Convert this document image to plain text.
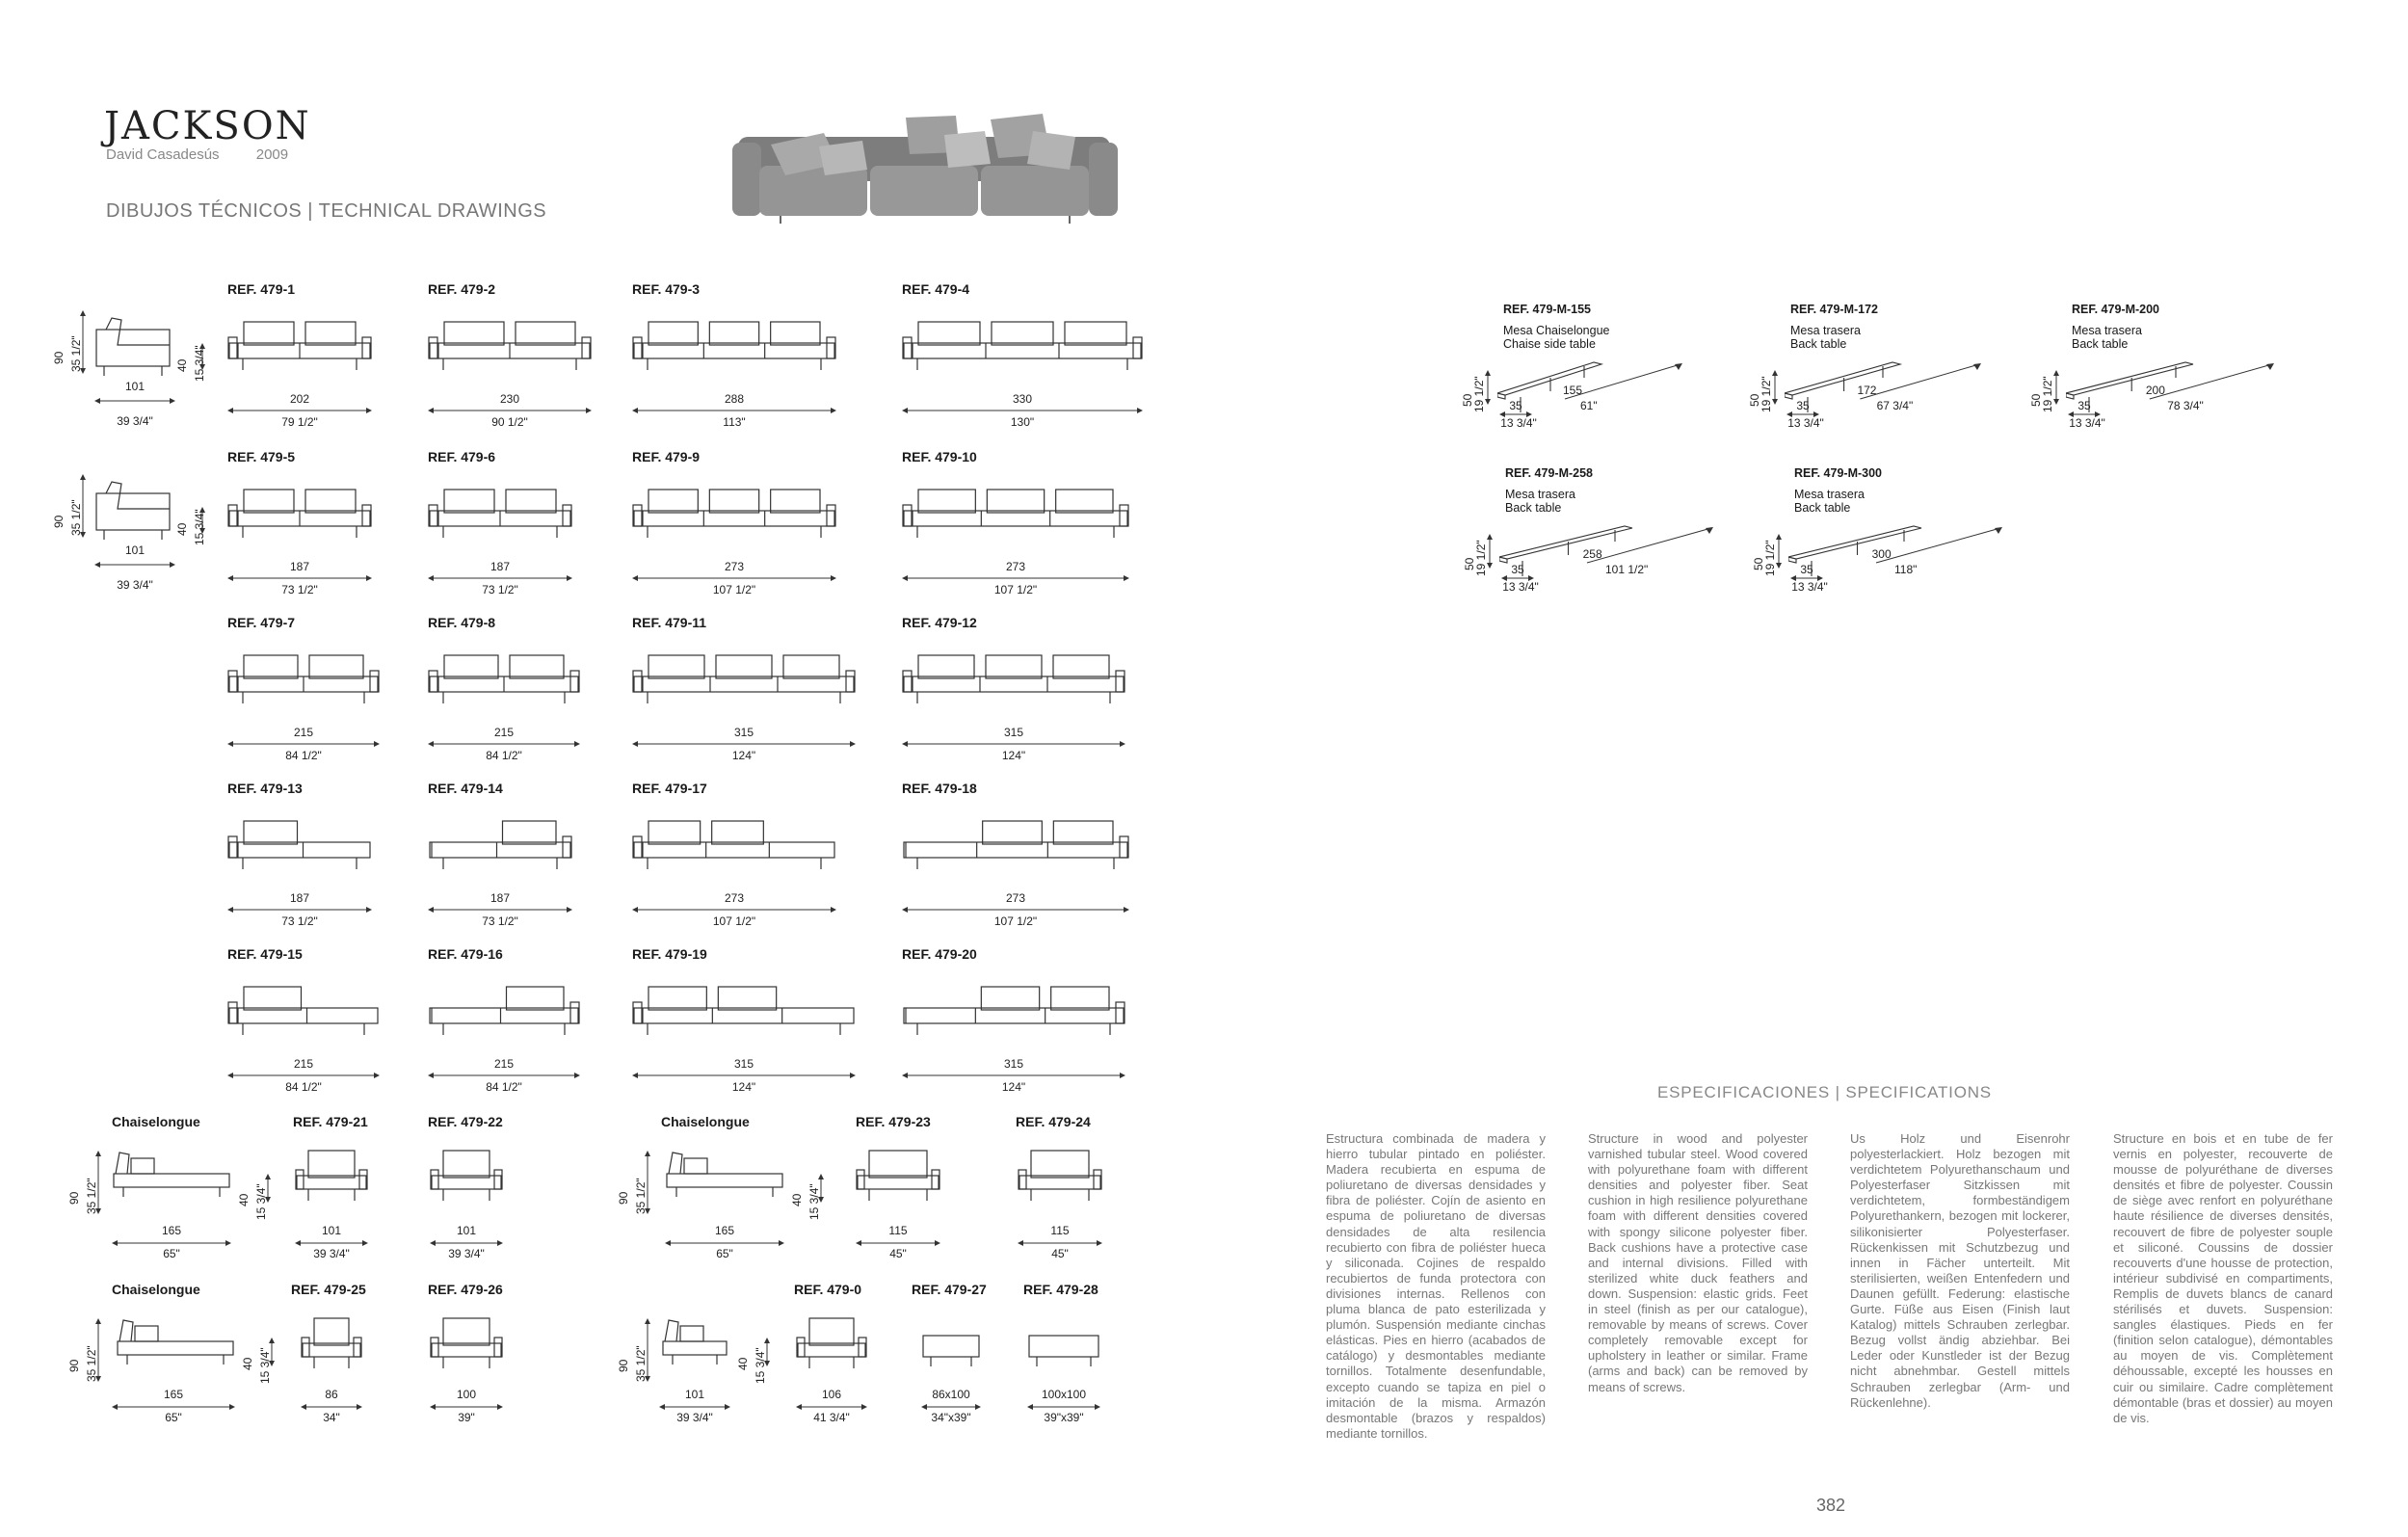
JACKSON
David Casadesús	2009
DIBUJOS TÉCNICOS | TECHNICAL DRAWINGS
90 35 1/2"	40 15 3/4"
101
39 3/4"
90 35 1/2"	40 15 3/4"
101
39 3/4"
REF. 479-1
202
79 1/2"
REF. 479-2
230
90 1/2"
REF. 479-3
288
113"
REF. 479-4
330
130"
REF. 479-5
187
73 1/2"
REF. 479-6
187
73 1/2"
REF. 479-9
273
107 1/2"
REF. 479-10
273
107 1/2"
REF. 479-7
215
84 1/2"
REF. 479-8
215
84 1/2"
REF. 479-11
315
124"
REF. 479-12
315
124"
REF. 479-13
187
73 1/2"
REF. 479-14
187
73 1/2"
REF. 479-17
273
107 1/2"
REF. 479-18
273
107 1/2"
REF. 479-15
215
84 1/2"
REF. 479-16
215
84 1/2"
REF. 479-19
315
124"
REF. 479-20
315
124"
Chaiselongue
90 35 1/2"	40 15 3/4"
165
65"
Chaiselongue
90 35 1/2"	40 15 3/4"
165
65"
REF. 479-21
101
39 3/4"
REF. 479-22
101
39 3/4"
REF. 479-23
115
45"
REF. 479-24
115
45"
Chaiselongue
90 35 1/2"	40 15 3/4"
165
65"
90 35 1/2"	40 15 3/4"
101
39 3/4"
REF. 479-25
86
34"
REF. 479-26
100
39"
REF. 479-0
106
41 3/4"
REF. 479-27
86x100
34"x39"
REF. 479-28
100x100
39"x39"
REF. 479-M-155
Mesa Chaiselongue
Chaise side table
50
19 1/2"	35
13 3/4"
155
61"
REF. 479-M-172
Mesa trasera
Back table
50
19 1/2"	35
13 3/4"
172
67 3/4"
REF. 479-M-200
Mesa trasera
Back table
50
19 1/2"	35
13 3/4"
200
78 3/4"
REF. 479-M-258
Mesa trasera
Back table
50
19 1/2"	35
13 3/4"
258
101 1/2"
REF. 479-M-300
Mesa trasera
Back table
50
19 1/2"	35
13 3/4"
300
118"
ESPECIFICACIONES | SPECIFICATIONS

Estructura combinada de madera y hierro tubular pintado en poliéster. Madera recubierta en espuma de poliuretano de diversas densidades y fibra de poliéster. Cojín de asiento en espuma de poliuretano de diversas densidades de alta resilencia recubierto con fibra de poliéster hueca y siliconada. Cojines de respaldo recubiertos de funda protectora con divisiones internas. Rellenos con pluma blanca de pato esterilizada y plumón. Suspensión mediante cinchas elásticas. Pies en hierro (acabados de catálogo) y desmontables mediante tornillos. Totalmente desenfundable, excepto cuando se tapiza en piel o imitación de la misma. Armazón desmontable (brazos y respaldos) mediante tornillos.

Structure in wood and polyester varnished tubular steel. Wood covered with polyurethane foam with different densities and polyester fiber. Seat cushion in high resilience polyurethane foam with different densities covered with spongy silicone polyester fiber. Back cushions have a protective case and internal divisions. Filled with sterilized white duck feathers and down. Suspension: elastic grids. Feet in steel (finish as per our catalogue), removable by means of screws. Cover completely removable except for upholstery in leather or similar. Frame (arms and back) can be removed by means of screws.

Us Holz und Eisenrohr polyesterlackiert. Holz bezogen mit verdichtetem Polyurethanschaum und Polyesterfaser Sitzkissen mit verdichtetem, formbeständigem Polyurethankern, bezogen mit lockerer, silikonisierter Polyesterfaser. Rückenkissen mit Schutzbezug und innen in Fächer unterteilt. Mit sterilisierten, weißen Entenfedern und Daunen gefüllt. Federung: elastische Gurte. Füße aus Eisen (Finish laut Katalog) mittels Schrauben zerlegbar. Bezug vollst ändig abziehbar. Bei Leder oder Kunstleder ist der Bezug nicht abnehmbar. Gestell mittels Schrauben zerlegbar (Arm- und Rückenlehne).

Structure en bois et en tube de fer vernis en polyester, recouverte de mousse de polyuréthane de diverses densités et fibre de polyester. Coussin de siège avec renfort en polyuréthane haute résilience de diverses densités, recouvert de fibre de polyester souple et siliconé. Coussins de dossier recouverts d'une housse de protection, intérieur subdivisé en compartiments, Remplis de duvets blancs de canard stérilisés et duvets. Suspension: sangles élastiques. Pieds en fer (finition selon catalogue), démontables au moyen de vis. Complètement déhoussable, excepté les housses en cuir ou similaire. Cadre complètement démontable (bras et dossier) au moyen de vis.

382
